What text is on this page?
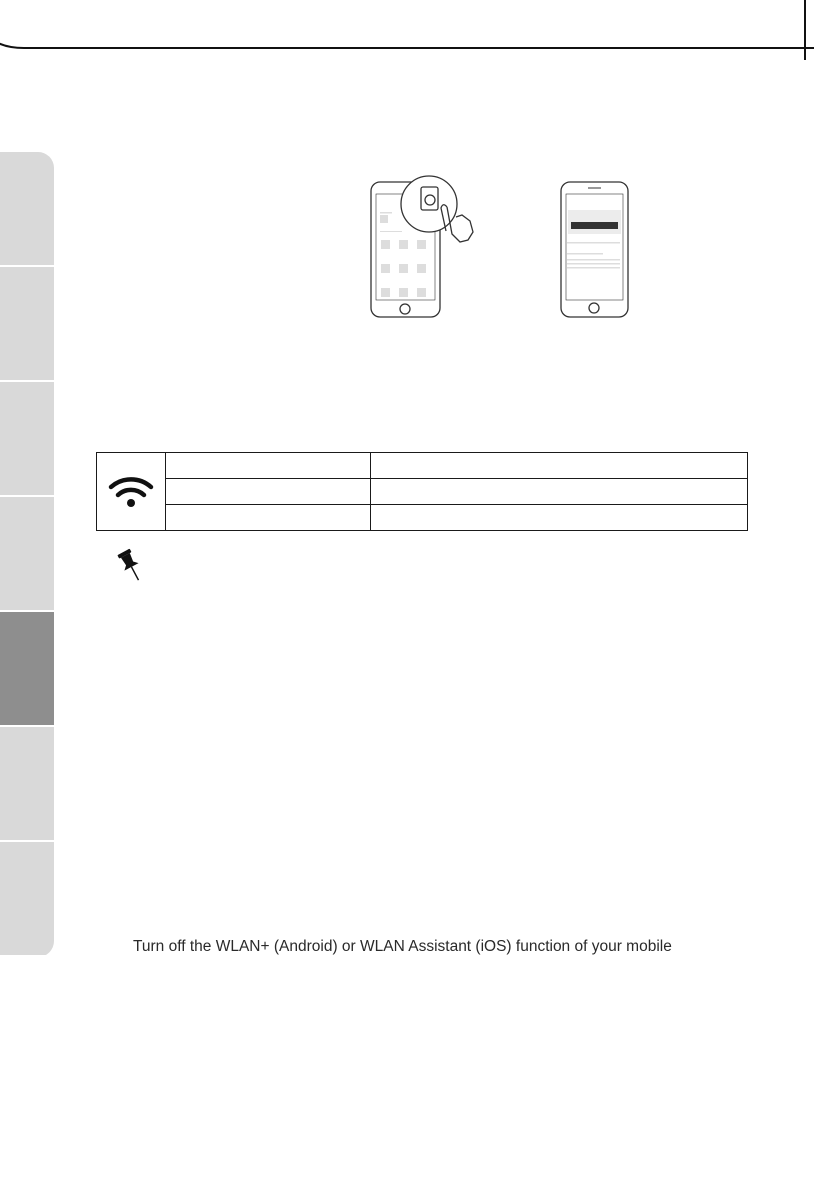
Turn off the WLAN+ (Android) or WLAN Assistant (iOS) function of your mobile
